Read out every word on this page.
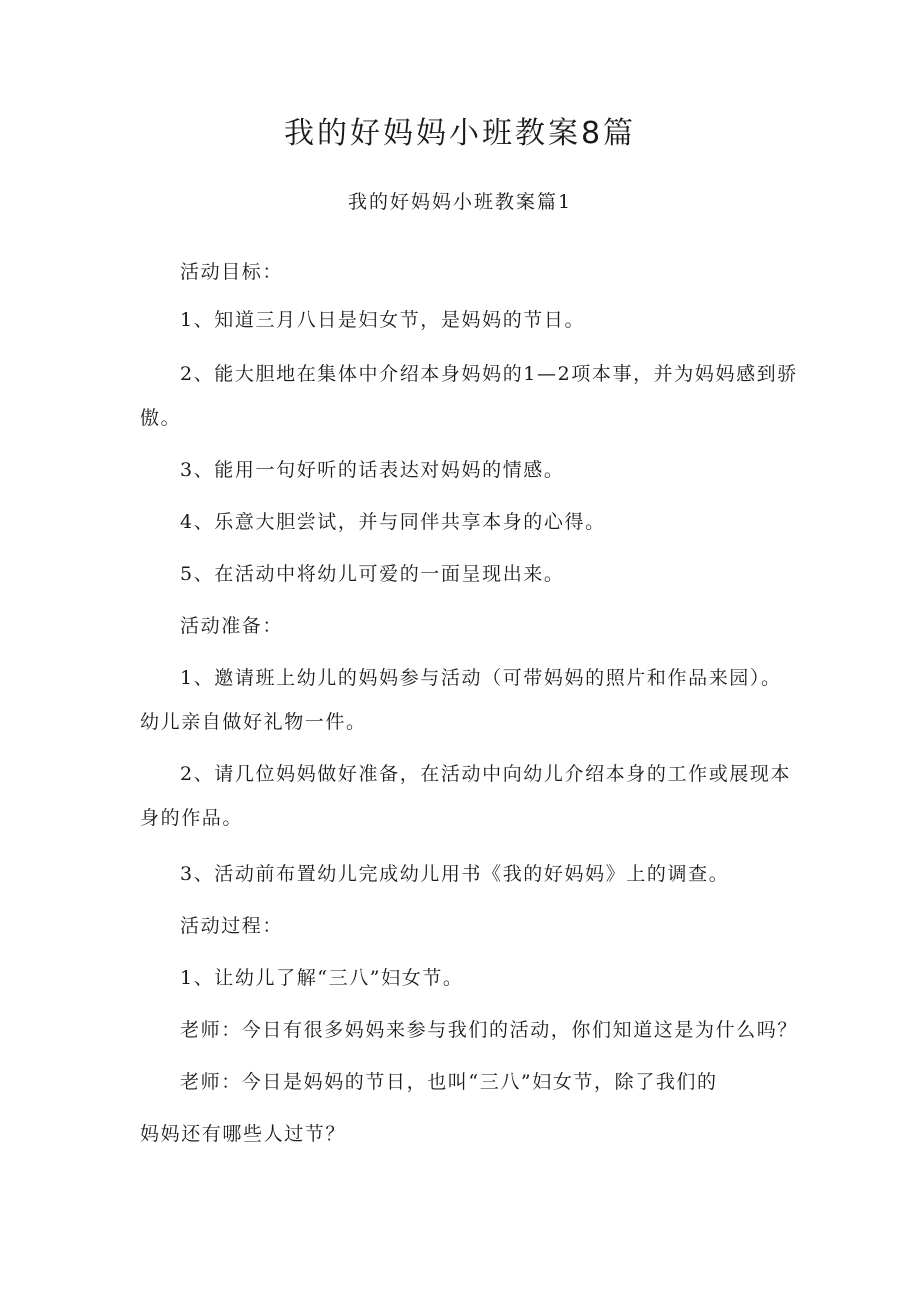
我的好妈妈小班教案8篇
我的好妈妈小班教案篇1
活动目标：
1、知道三月八日是妇女节，是妈妈的节日。
2、能大胆地在集体中介绍本身妈妈的1—2项本事，并为妈妈感到骄傲。
3、能用一句好听的话表达对妈妈的情感。
4、乐意大胆尝试，并与同伴共享本身的心得。
5、在活动中将幼儿可爱的一面呈现出来。
活动准备：
1、邀请班上幼儿的妈妈参与活动（可带妈妈的照片和作品来园）。幼儿亲自做好礼物一件。
2、请几位妈妈做好准备，在活动中向幼儿介绍本身的工作或展现本身的作品。
3、活动前布置幼儿完成幼儿用书《我的好妈妈》上的调查。
活动过程：
1、让幼儿了解“三八”妇女节。
老师：今日有很多妈妈来参与我们的活动，你们知道这是为什么吗？
老师：今日是妈妈的节日，也叫“三八”妇女节，除了我们的
妈妈还有哪些人过节？
